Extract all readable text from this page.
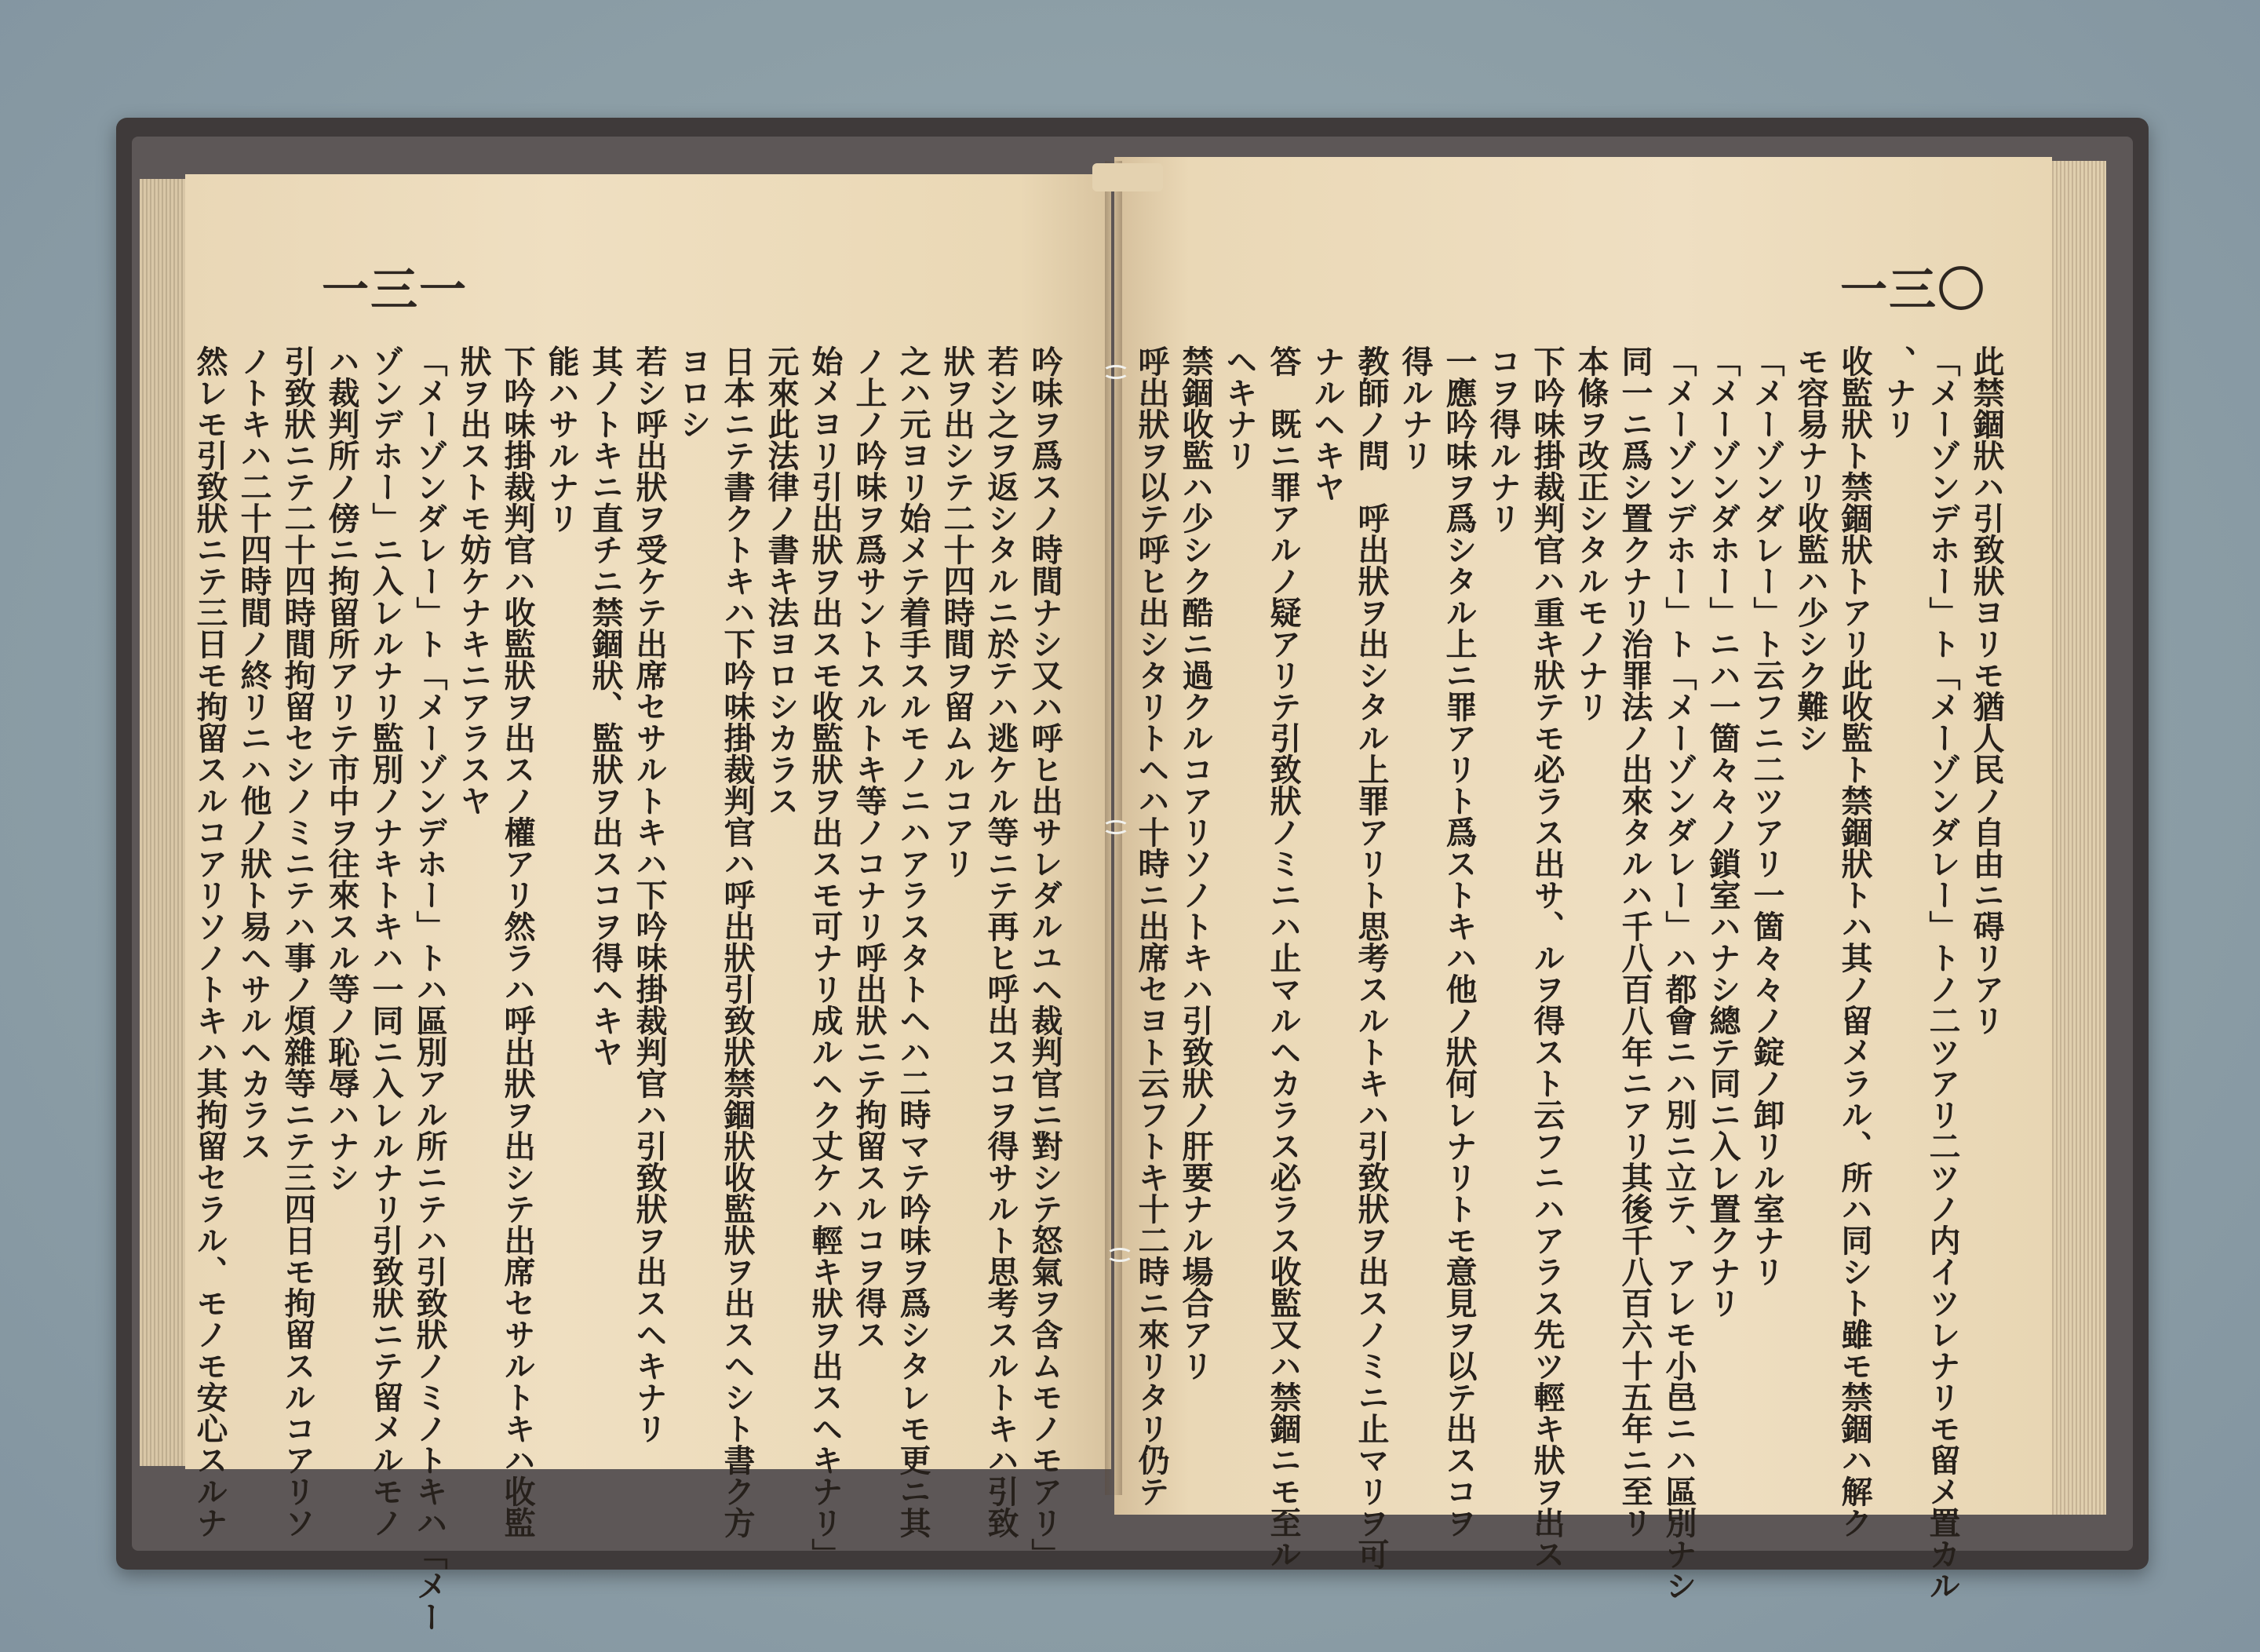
一三一	一三〇
吟味ヲ爲スノ時間ナシ又ハ呼ヒ出サレダルユヘ裁判官ニ對シテ怒氣ヲ含ムモノモアリ」
若シ之ヲ返シタルニ於テハ逃ケル等ニテ再ヒ呼出スコヲ得サルト思考スルトキハ引致
狀ヲ出シテ二十四時間ヲ留ムルコアリ
之ハ元ヨリ始メテ着手スルモノニハアラスタトヘハ二時マテ吟味ヲ爲シタレモ更ニ其
ノ上ノ吟味ヲ爲サントスルトキ等ノコナリ呼出狀ニテ拘留スルコヲ得ス
始メヨリ引出狀ヲ出スモ收監狀ヲ出スモ可ナリ成ルヘク丈ケハ輕キ狀ヲ出スヘキナリ」
元來此法律ノ書キ法ヨロシカラス
日本ニテ書クトキハ下吟味掛裁判官ハ呼出狀引致狀禁錮狀收監狀ヲ出スヘシト書ク方
ヨロシ
若シ呼出狀ヲ受ケテ出席セサルトキハ下吟味掛裁判官ハ引致狀ヲ出スヘキナリ
其ノトキニ直チニ禁錮狀、監狀ヲ出スコヲ得ヘキヤ
能ハサルナリ
下吟味掛裁判官ハ收監狀ヲ出スノ權アリ然ラハ呼出狀ヲ出シテ出席セサルトキハ收監
狀ヲ出ストモ妨ケナキニアラスヤ
「メーゾンダレー」ト「メーゾンデホー」トハ區別アル所ニテハ引致狀ノミノトキハ「メー
ゾンデホー」ニ入レルナリ監別ノナキトキハ一同ニ入レルナリ引致狀ニテ留メルモノ
ハ裁判所ノ傍ニ拘留所アリテ市中ヲ往來スル等ノ恥辱ハナシ
引致狀ニテ二十四時間拘留セシノミニテハ事ノ煩雜等ニテ三四日モ拘留スルコアリソ
ノトキハ二十四時間ノ終リニハ他ノ狀ト易ヘサルヘカラス
然レモ引致狀ニテ三日モ拘留スルコアリソノトキハ其拘留セラル、モノモ安心スルナ	此禁錮狀ハ引致狀ヨリモ猶人民ノ自由ニ碍リアリ
「メーゾンデホー」ト「メーゾンダレー」トノ二ツアリ二ツノ内イツレナリモ留メ置カル
、ナリ
收監狀ト禁錮狀トアリ此收監ト禁錮狀トハ其ノ留メラル、所ハ同シト雖モ禁錮ハ解ク
モ容易ナリ收監ハ少シク難シ
「メーゾンダレー」ト云フニ二ツアリ一箇々々ノ錠ノ卸リル室ナリ
「メーゾンダホー」ニハ一箇々々ノ鎖室ハナシ總テ同ニ入レ置クナリ
「メーゾンデホー」ト「メーゾンダレー」ハ都會ニハ別ニ立テ、アレモ小邑ニハ區別ナシ
同一ニ爲シ置クナリ治罪法ノ出來タルハ千八百八年ニアリ其後千八百六十五年ニ至リ
本條ヲ改正シタルモノナリ
下吟味掛裁判官ハ重キ狀テモ必ラス出サ、ルヲ得スト云フニハアラス先ツ輕キ狀ヲ出ス
コヲ得ルナリ
一應吟味ヲ爲シタル上ニ罪アリト爲ストキハ他ノ狀何レナリトモ意見ヲ以テ出スコヲ
得ルナリ
教師ノ問　呼出狀ヲ出シタル上罪アリト思考スルトキハ引致狀ヲ出スノミニ止マリヲ可
ナルヘキヤ
答　既ニ罪アルノ疑アリテ引致狀ノミニハ止マルヘカラス必ラス收監又ハ禁錮ニモ至ル
ヘキナリ
禁錮收監ハ少シク酷ニ過クルコアリソノトキハ引致狀ノ肝要ナル場合アリ
呼出狀ヲ以テ呼ヒ出シタリトヘハ十時ニ出席セヨト云フトキ十二時ニ來リタリ仍テ
